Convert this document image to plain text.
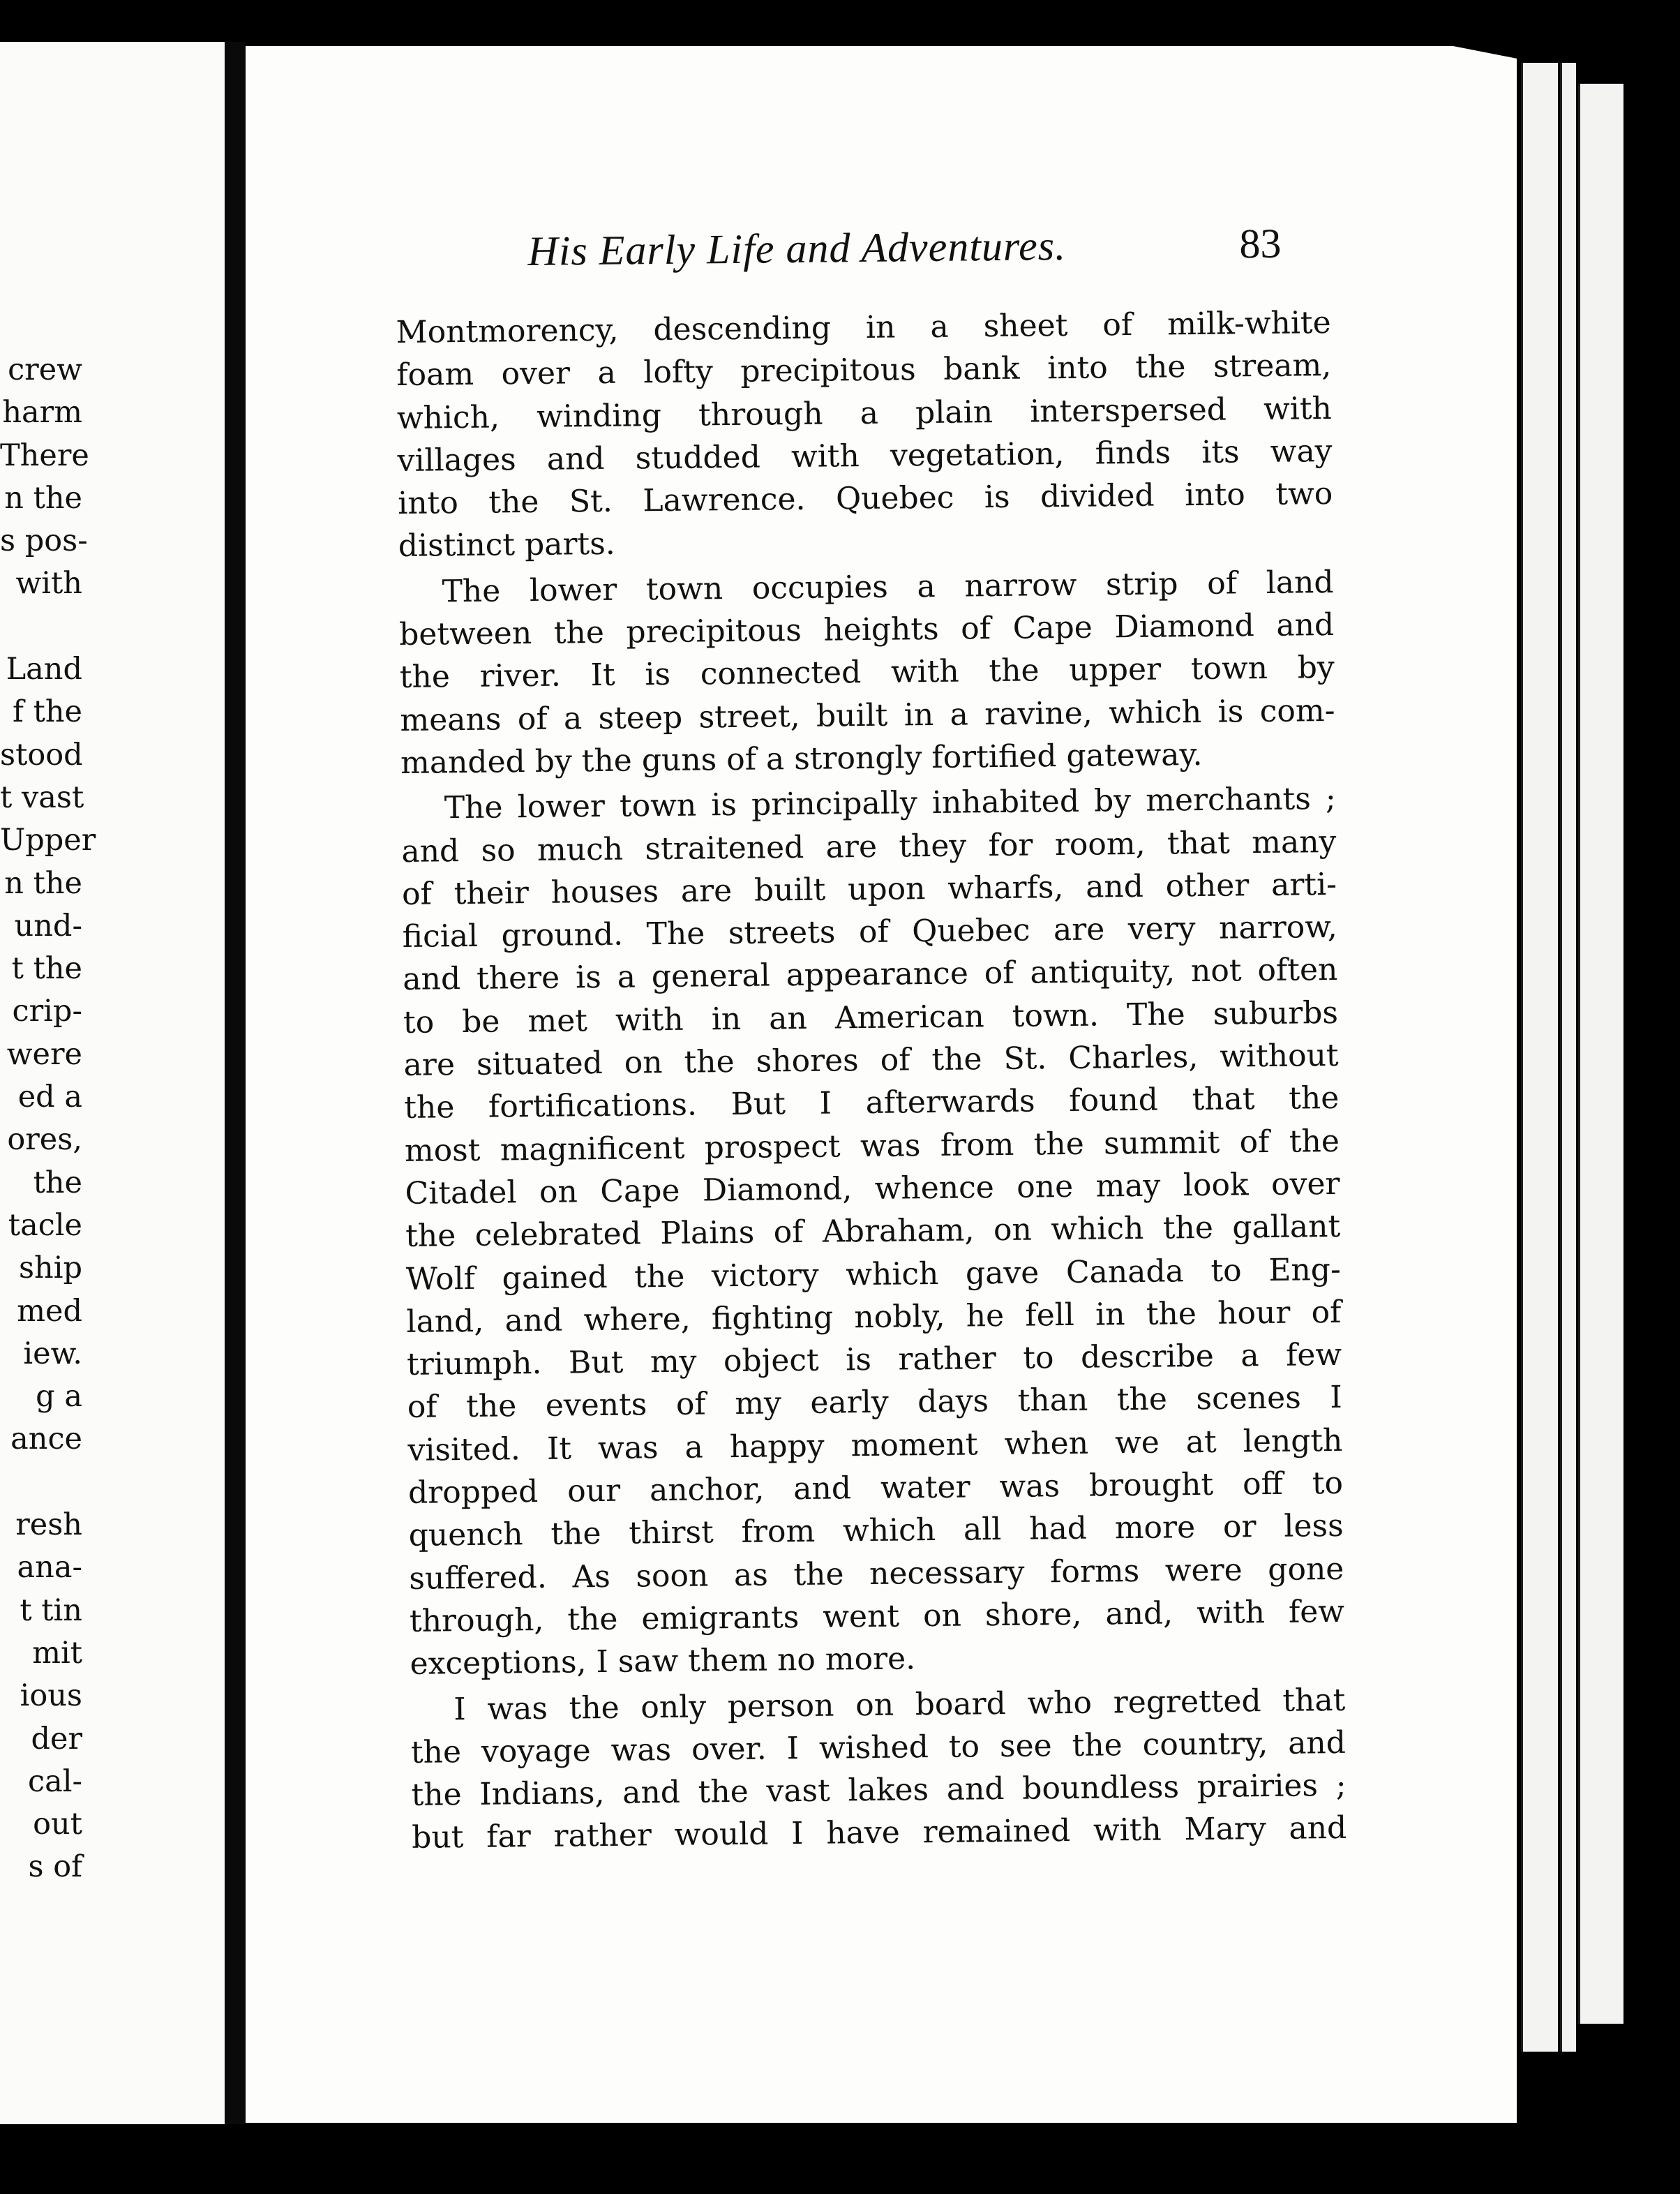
crew
harm
There
n the
s pos-
with
Land
f the
stood
t vast
Upper
n the
und-
t the
crip-
were
ed a
ores,
the
tacle
ship
med
iew.
g a
ance
resh
ana-
t tin
mit
ious
der
cal-
out
s of
His Early Life and Adventures.	83
Montmorency, descending in a sheet of milk-white
foam over a lofty precipitous bank into the stream,
which, winding through a plain interspersed with
villages and studded with vegetation, finds its way
into the St. Lawrence. Quebec is divided into two
distinct parts.
The lower town occupies a narrow strip of land
between the precipitous heights of Cape Diamond and
the river. It is connected with the upper town by
means of a steep street, built in a ravine, which is com-
manded by the guns of a strongly fortified gateway.
The lower town is principally inhabited by merchants ;
and so much straitened are they for room, that many
of their houses are built upon wharfs, and other arti-
ficial ground. The streets of Quebec are very narrow,
and there is a general appearance of antiquity, not often
to be met with in an American town. The suburbs
are situated on the shores of the St. Charles, without
the fortifications. But I afterwards found that the
most magnificent prospect was from the summit of the
Citadel on Cape Diamond, whence one may look over
the celebrated Plains of Abraham, on which the gallant
Wolf gained the victory which gave Canada to Eng-
land, and where, fighting nobly, he fell in the hour of
triumph. But my object is rather to describe a few
of the events of my early days than the scenes I
visited. It was a happy moment when we at length
dropped our anchor, and water was brought off to
quench the thirst from which all had more or less
suffered. As soon as the necessary forms were gone
through, the emigrants went on shore, and, with few
exceptions, I saw them no more.
I was the only person on board who regretted that
the voyage was over. I wished to see the country, and
the Indians, and the vast lakes and boundless prairies ;
but far rather would I have remained with Mary and
